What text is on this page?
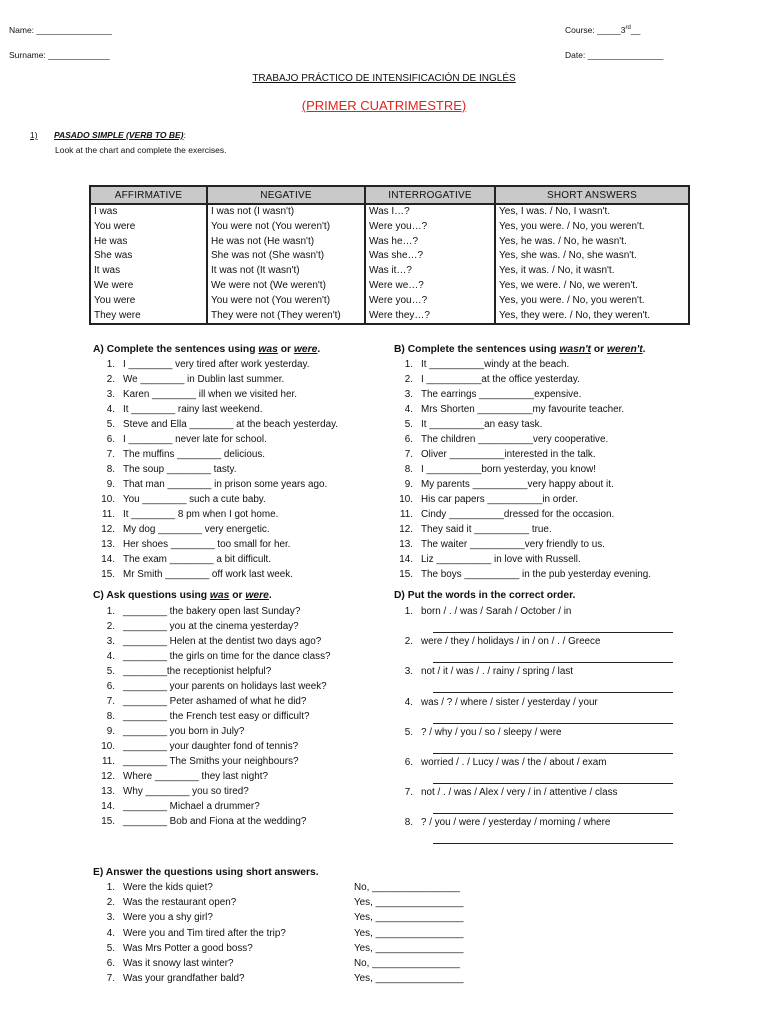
Name: ________________
Surname: _____________
Course: _____3rd__
Date: ________________
TRABAJO PRÁCTICO DE INTENSIFICACIÓN DE INGLÉS
(PRIMER CUATRIMESTRE)
1) PASADO SIMPLE (VERB TO BE):
Look at the chart and complete the exercises.
AFFIRMATIVE	NEGATIVE	INTERROGATIVE	SHORT ANSWERS
I was	I was not (I wasn't)	Was I…?	Yes, I was. / No, I wasn't.
You were	You were not (You weren't)	Were you…?	Yes, you were. / No, you weren't.
He was	He was not (He wasn't)	Was he…?	Yes, he was. / No, he wasn't.
She was	She was not (She wasn't)	Was she…?	Yes, she was. / No, she wasn't.
It was	It was not (It wasn't)	Was it…?	Yes, it was. / No, it wasn't.
We were	We were not (We weren't)	Were we…?	Yes, we were. / No, we weren't.
You were	You were not (You weren't)	Were you…?	Yes, you were. / No, you weren't.
They were	They were not (They weren't)	Were they…?	Yes, they were. / No, they weren't.
A) Complete the sentences using was or were.
1. I ________ very tired after work yesterday.
2. We ________ in Dublin last summer.
3. Karen ________ ill when we visited her.
4. It ________ rainy last weekend.
5. Steve and Ella ________ at the beach yesterday.
6. I ________ never late for school.
7. The muffins ________ delicious.
8. The soup ________ tasty.
9. That man ________ in prison some years ago.
10. You ________ such a cute baby.
11. It ________ 8 pm when I got home.
12. My dog ________ very energetic.
13. Her shoes ________ too small for her.
14. The exam ________ a bit difficult.
15. Mr Smith ________ off work last week.
B) Complete the sentences using wasn't or weren't.
1. It __________windy at the beach.
2. I __________at the office yesterday.
3. The earrings __________expensive.
4. Mrs Shorten __________my favourite teacher.
5. It __________an easy task.
6. The children __________very cooperative.
7. Oliver __________interested in the talk.
8. I __________born yesterday, you know!
9. My parents __________very happy about it.
10. His car papers __________in order.
11. Cindy __________dressed for the occasion.
12. They said it __________ true.
13. The waiter __________very friendly to us.
14. Liz __________ in love with Russell.
15. The boys __________ in the pub yesterday evening.
C) Ask questions using was or were.
1. ________ the bakery open last Sunday?
2. ________ you at the cinema yesterday?
3. ________ Helen at the dentist two days ago?
4. ________ the girls on time for the dance class?
5. ________the receptionist helpful?
6. ________ your parents on holidays last week?
7. ________ Peter ashamed of what he did?
8. ________ the French test easy or difficult?
9. ________ you born in July?
10. ________ your daughter fond of tennis?
11. ________ The Smiths your neighbours?
12. Where ________ they last night?
13. Why ________ you so tired?
14. ________ Michael a drummer?
15. ________ Bob and Fiona at the wedding?
D) Put the words in the correct order.
1. born / . / was / Sarah / October / in
2. were / they / holidays / in / on / . / Greece
3. not / it / was / . / rainy / spring / last
4. was / ? / where / sister / yesterday / your
5. ? / why / you / so / sleepy / were
6. worried / . / Lucy / was / the / about / exam
7. not / . / was / Alex / very / in / attentive / class
8. ? / you / were / yesterday / morning / where
E) Answer the questions using short answers.
1. Were the kids quiet?	No, ________________
2. Was the restaurant open?	Yes, ________________
3. Were you a shy girl?	Yes, ________________
4. Were you and Tim tired after the trip?	Yes, ________________
5. Was Mrs Potter a good boss?	Yes, ________________
6. Was it snowy last winter?	No, ________________
7. Was your grandfather bald?	Yes, ________________
